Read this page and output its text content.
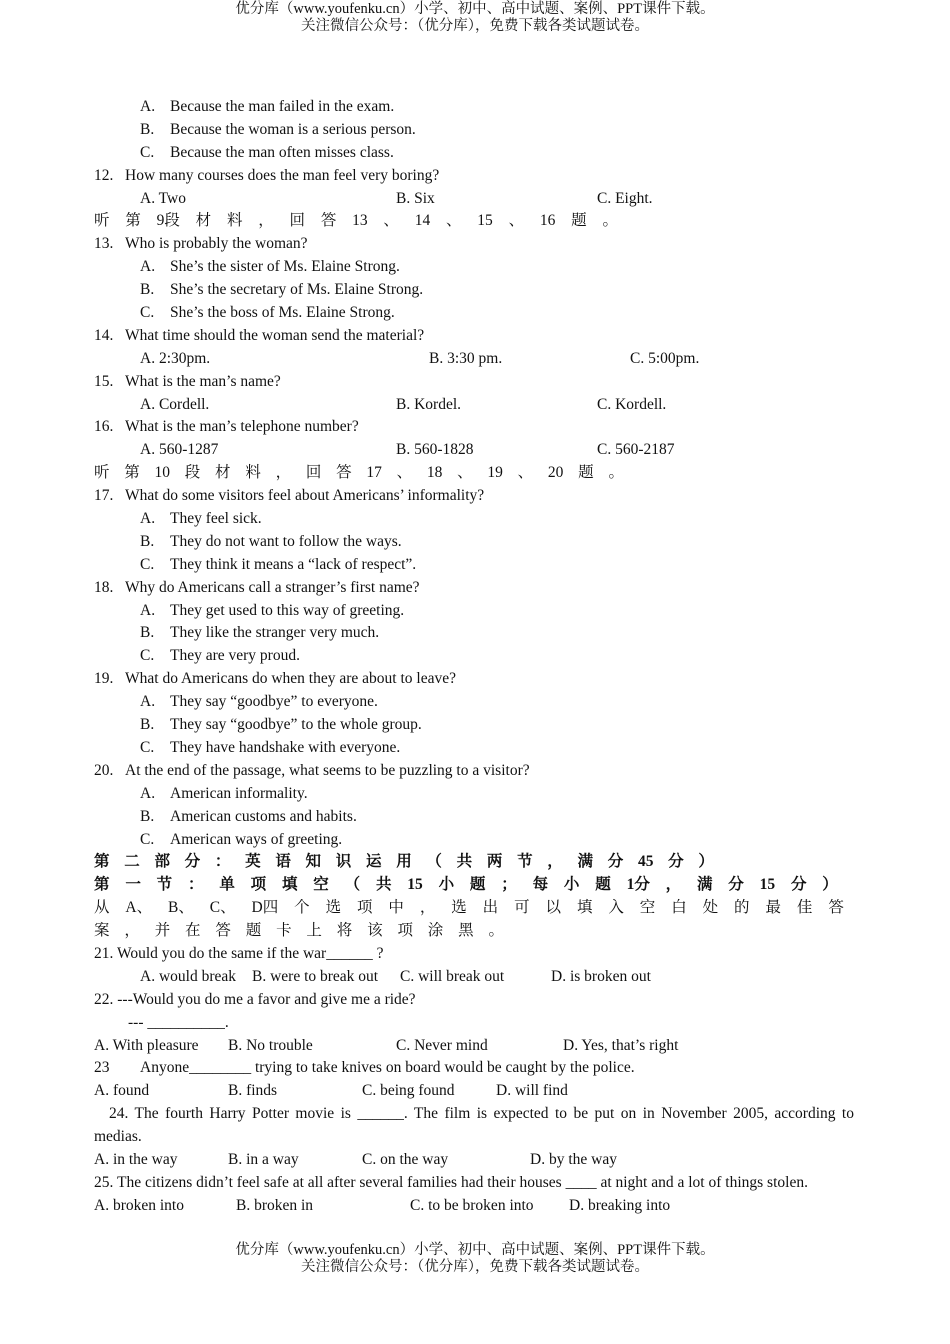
优分库（www.youfenku.cn）小学、初中、高中试题、案例、PPT课件下载。
关注微信公众号：（优分库），免费下载各类试题试卷。
A. Because the man failed in the exam.
B. Because the woman is a serious person.
C. Because the man often misses class.
12. How many courses does the man feel very boring?
A. Two	B. Six	C. Eight.
听 第 9段 材 料 ， 回 答 13 、 14 、 15 、 16 题 。
13. Who is probably the woman?
A. She’s the sister of Ms. Elaine Strong.
B. She’s the secretary of Ms. Elaine Strong.
C. She’s the boss of Ms. Elaine Strong.
14. What time should the woman send the material?
A. 2:30pm.	B. 3:30 pm.	C. 5:00pm.
15. What is the man’s name?
A. Cordell.	B. Kordel.	C. Kordell.
16. What is the man’s telephone number?
A. 560-1287	B. 560-1828	C. 560-2187
听 第 10 段 材 料 ， 回 答 17 、 18 、 19 、 20 题 。
17. What do some visitors feel about Americans’ informality?
A. They feel sick.
B. They do not want to follow the ways.
C. They think it means a “lack of respect”.
18. Why do Americans call a stranger’s first name?
A. They get used to this way of greeting.
B. They like the stranger very much.
C. They are very proud.
19. What do Americans do when they are about to leave?
A. They say “goodbye” to everyone.
B. They say “goodbye” to the whole group.
C. They have handshake with everyone.
20. At the end of the passage, what seems to be puzzling to a visitor?
A. American informality.
B. American customs and habits.
C. American ways of greeting.
第 二 部 分 ： 英 语 知 识 运 用 （ 共 两 节 ， 满 分 45 分 ）
第 一 节 ： 单 项 填 空 （ 共 15 小 题 ； 每 小 题 1分 ， 满 分 15 分 ）
从 A、 B、 C、 D四 个 选 项 中 ， 选 出 可 以 填 入 空 白 处 的 最 佳 答
案 ， 并 在 答 题 卡 上 将 该 项 涂 黑 。
21. Would you do the same if the war______ ?
A. would break B. were to break out C. will break out	D. is broken out
22. ---Would you do me a favor and give me a ride?
--- __________.
A. With pleasure B. No trouble	C. Never mind	D. Yes, that’s right
23 Anyone________ trying to take knives on board would be caught by the police.
A. found	B. finds	C. being found	D. will find
24. The fourth Harry Potter movie is ______. The film is expected to be put on in November 2005, according to medias.
A. in the way	B. in a way	C. on the way	D. by the way
25. The citizens didn’t feel safe at all after several families had their houses ____ at night and a lot of things stolen.
A. broken into	B. broken in	C. to be broken into D. breaking into
优分库（www.youfenku.cn）小学、初中、高中试题、案例、PPT课件下载。
关注微信公众号：（优分库），免费下载各类试题试卷。
